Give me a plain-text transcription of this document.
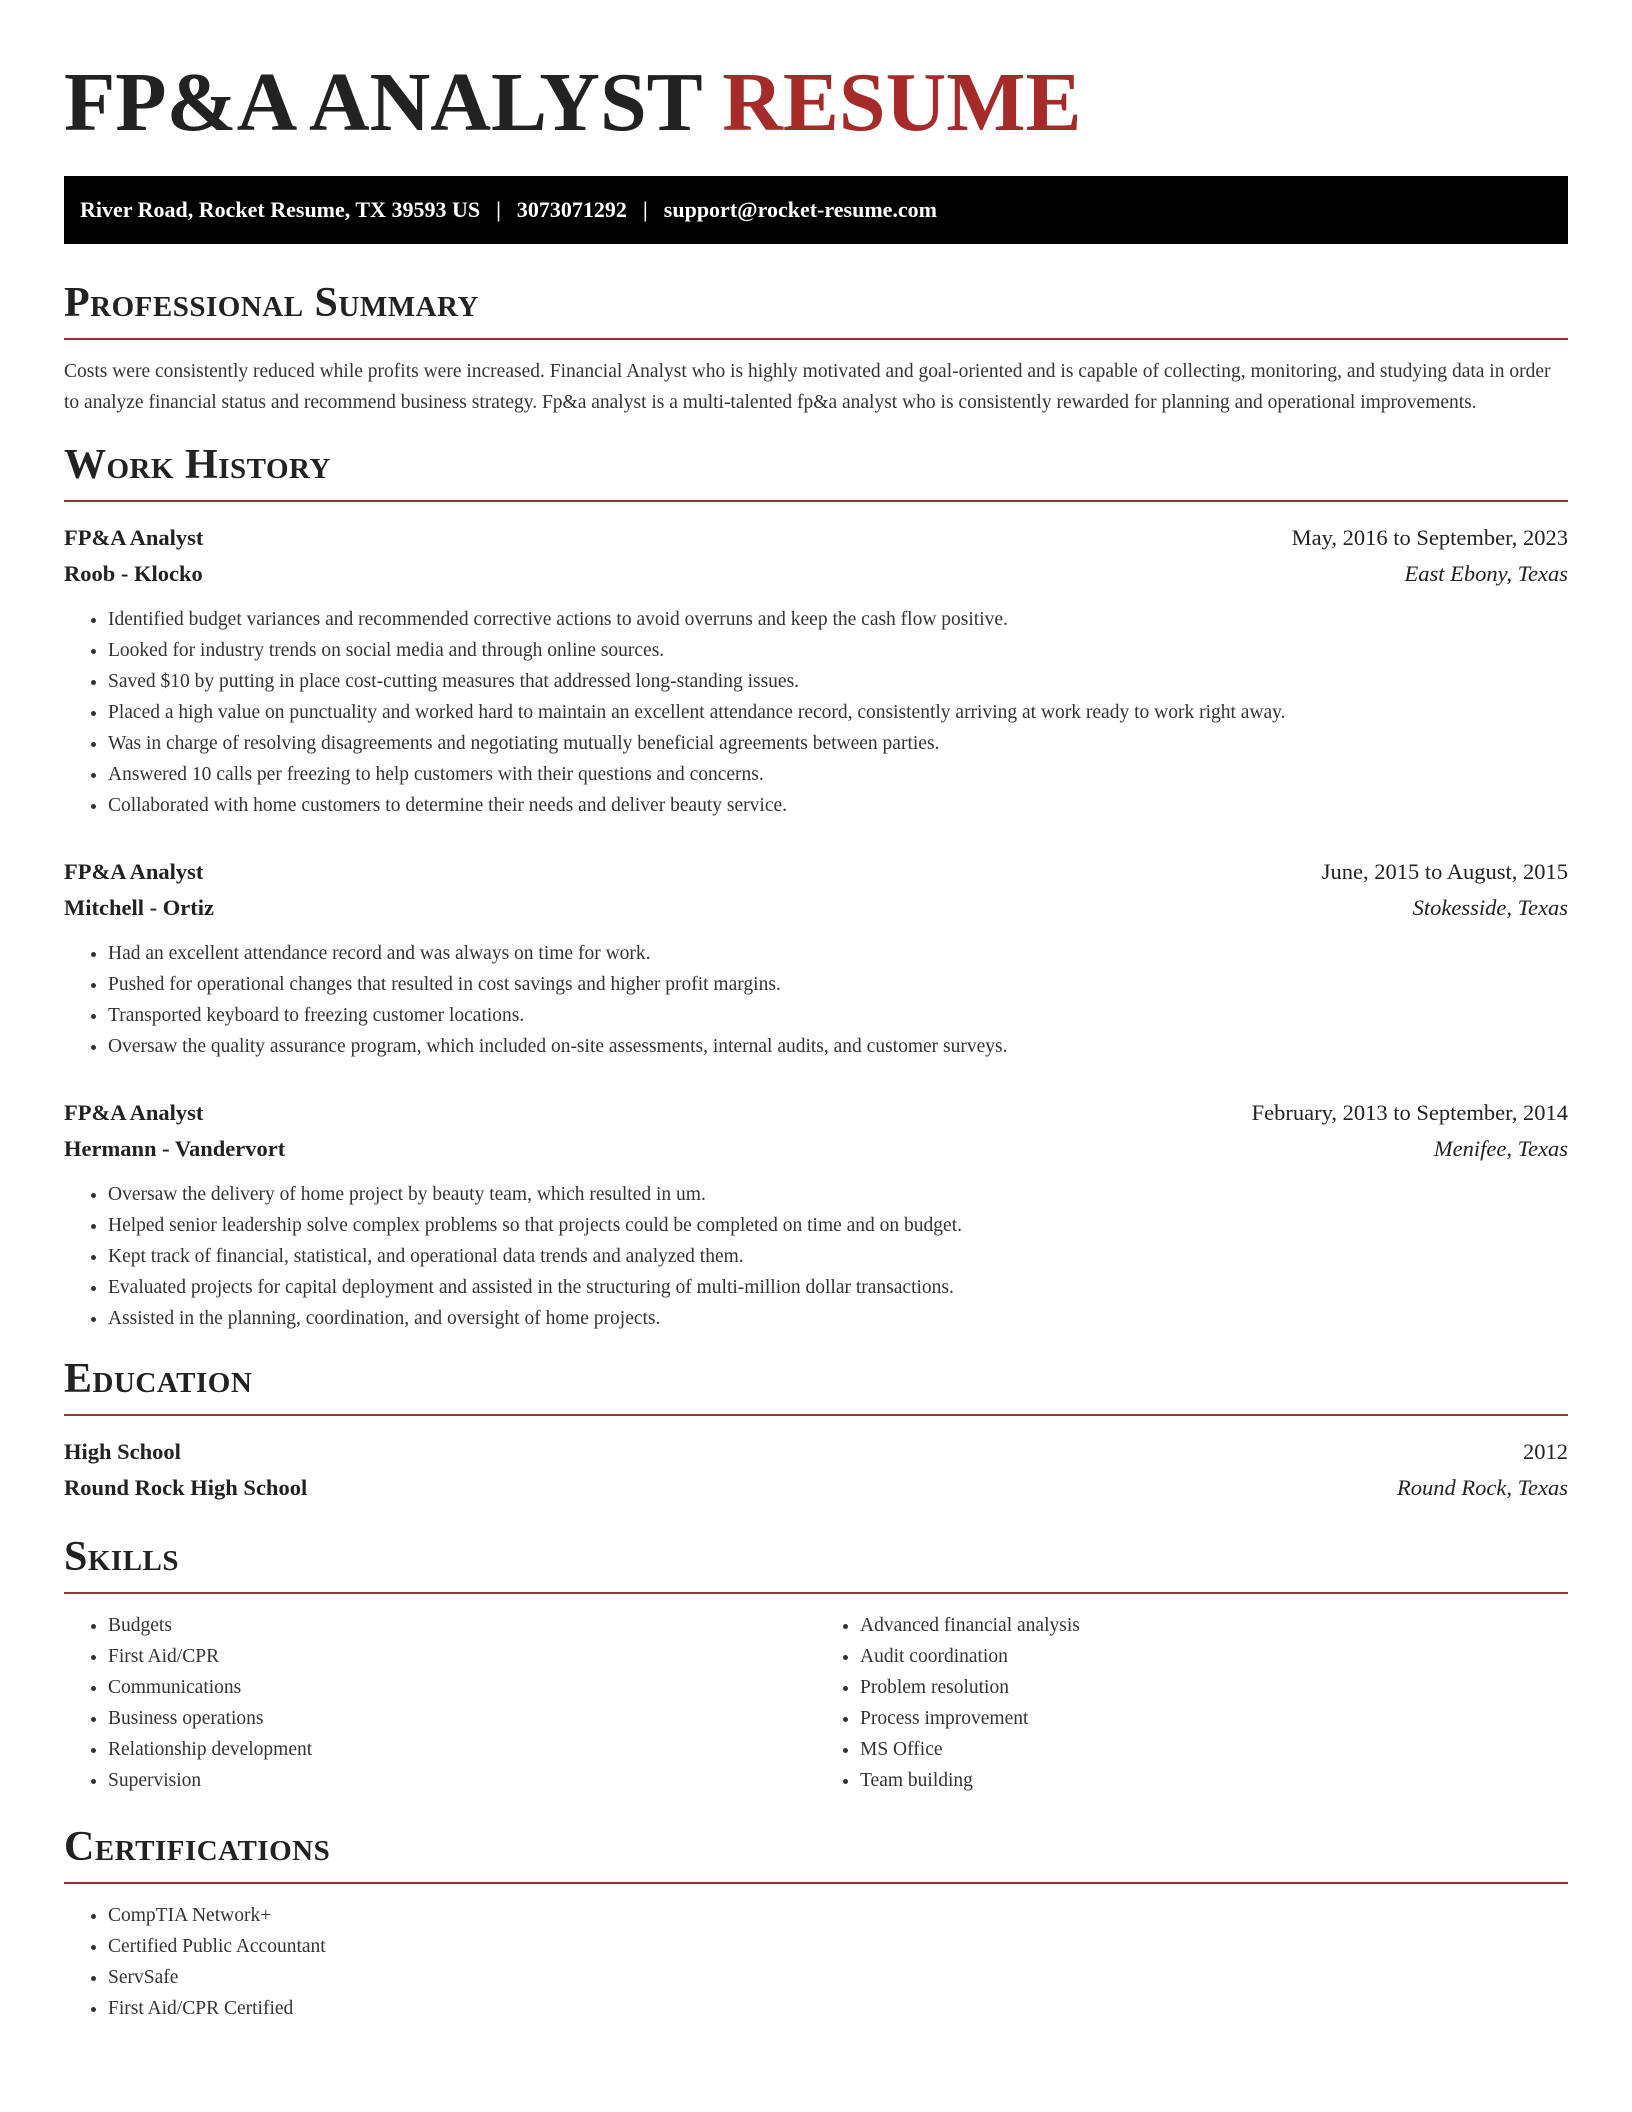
FP&A ANALYST RESUME
River Road, Rocket Resume, TX 39593 US | 3073071292 | support@rocket-resume.com
Professional Summary

Costs were consistently reduced while profits were increased. Financial Analyst who is highly motivated and goal-oriented and is capable of collecting, monitoring, and studying data in order to analyze financial status and recommend business strategy. Fp&a analyst is a multi-talented fp&a analyst who is consistently rewarded for planning and operational improvements.

Work History
FP&A Analyst	May, 2016 to September, 2023
Roob - Klocko	East Ebony, Texas
• Identified budget variances and recommended corrective actions to avoid overruns and keep the cash flow positive.
• Looked for industry trends on social media and through online sources.
• Saved $10 by putting in place cost-cutting measures that addressed long-standing issues.
• Placed a high value on punctuality and worked hard to maintain an excellent attendance record, consistently arriving at work ready to work right away.
• Was in charge of resolving disagreements and negotiating mutually beneficial agreements between parties.
• Answered 10 calls per freezing to help customers with their questions and concerns.
• Collaborated with home customers to determine their needs and deliver beauty service.
FP&A Analyst	June, 2015 to August, 2015
Mitchell - Ortiz	Stokesside, Texas
• Had an excellent attendance record and was always on time for work.
• Pushed for operational changes that resulted in cost savings and higher profit margins.
• Transported keyboard to freezing customer locations.
• Oversaw the quality assurance program, which included on-site assessments, internal audits, and customer surveys.
FP&A Analyst	February, 2013 to September, 2014
Hermann - Vandervort	Menifee, Texas
• Oversaw the delivery of home project by beauty team, which resulted in um.
• Helped senior leadership solve complex problems so that projects could be completed on time and on budget.
• Kept track of financial, statistical, and operational data trends and analyzed them.
• Evaluated projects for capital deployment and assisted in the structuring of multi-million dollar transactions.
• Assisted in the planning, coordination, and oversight of home projects.
Education
High School	2012
Round Rock High School	Round Rock, Texas
Skills
• Budgets
• First Aid/CPR
• Communications
• Business operations
• Relationship development
• Supervision
• Advanced financial analysis
• Audit coordination
• Problem resolution
• Process improvement
• MS Office
• Team building
Certifications
• CompTIA Network+
• Certified Public Accountant
• ServSafe
• First Aid/CPR Certified
